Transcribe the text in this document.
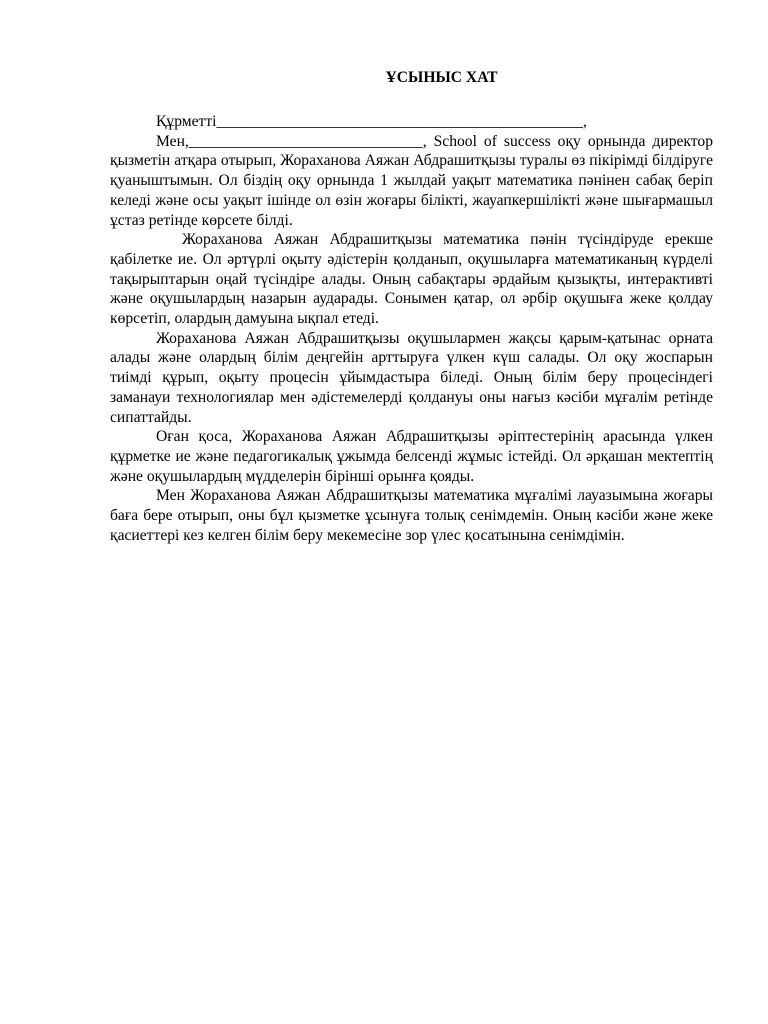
ҰСЫНЫС ХАТ

Құрметті_______________________________________________,

Мен,______________________________, School of success оқу орнында директор қызметін атқара отырып, Жораханова Аяжан Абдрашитқызы туралы өз пікірімді білдіруге қуаныштымын. Ол біздің оқу орнында 1 жылдай уақыт математика пәнінен сабақ беріп келеді және осы уақыт ішінде ол өзін жоғары білікті, жауапкершілікті және шығармашыл ұстаз ретінде көрсете білді.

Жораханова Аяжан Абдрашитқызы математика пәнін түсіндіруде ерекше қабілетке ие. Ол әртүрлі оқыту әдістерін қолданып, оқушыларға математиканың күрделі тақырыптарын оңай түсіндіре алады. Оның сабақтары әрдайым қызықты, интерактивті және оқушылардың назарын аударады. Сонымен қатар, ол әрбір оқушыға жеке қолдау көрсетіп, олардың дамуына ықпал етеді.

Жораханова Аяжан Абдрашитқызы оқушылармен жақсы қарым-қатынас орната алады және олардың білім деңгейін арттыруға үлкен күш салады. Ол оқу жоспарын тиімді құрып, оқыту процесін ұйымдастыра біледі. Оның білім беру процесіндегі заманауи технологиялар мен әдістемелерді қолдануы оны нағыз кәсіби мұғалім ретінде сипаттайды.

Оған қоса, Жораханова Аяжан Абдрашитқызы әріптестерінің арасында үлкен құрметке ие және педагогикалық ұжымда белсенді жұмыс істейді. Ол әрқашан мектептің және оқушылардың мүдделерін бірінші орынға қояды.

Мен Жораханова Аяжан Абдрашитқызы математика мұғалімі лауазымына жоғары баға бере отырып, оны бұл қызметке ұсынуға толық сенімдемін. Оның кәсіби және жеке қасиеттері кез келген білім беру мекемесіне зор үлес қосатынына сенімдімін.
